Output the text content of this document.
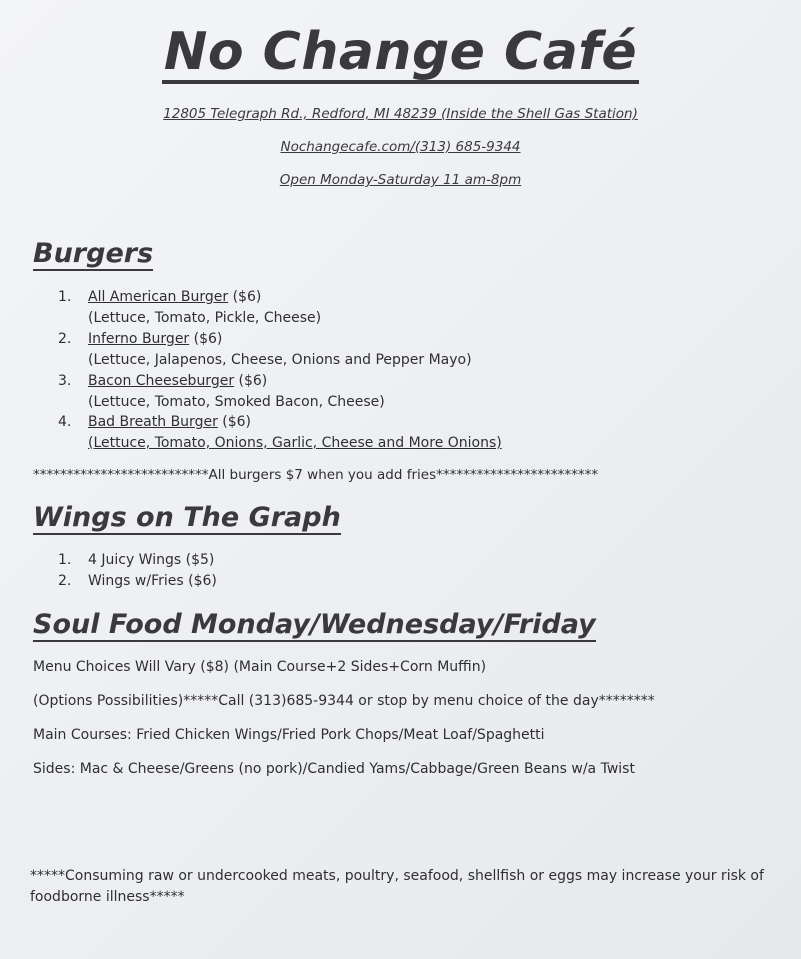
No Change Café
12805 Telegraph Rd., Redford, MI 48239 (Inside the Shell Gas Station)
Nochangecafe.com/(313) 685-9344
Open Monday-Saturday 11 am-8pm
Burgers
1. All American Burger ($6)
(Lettuce, Tomato, Pickle, Cheese)
2. Inferno Burger ($6)
(Lettuce, Jalapenos, Cheese, Onions and Pepper Mayo)
3. Bacon Cheeseburger ($6)
(Lettuce, Tomato, Smoked Bacon, Cheese)
4. Bad Breath Burger ($6)
(Lettuce, Tomato, Onions, Garlic, Cheese and More Onions)
**************************All burgers $7 when you add fries************************
Wings on The Graph
1. 4 Juicy Wings ($5)
2. Wings w/Fries ($6)
Soul Food Monday/Wednesday/Friday
Menu Choices Will Vary ($8) (Main Course+2 Sides+Corn Muffin)
(Options Possibilities)*****Call (313)685-9344 or stop by menu choice of the day********
Main Courses: Fried Chicken Wings/Fried Pork Chops/Meat Loaf/Spaghetti
Sides: Mac & Cheese/Greens (no pork)/Candied Yams/Cabbage/Green Beans w/a Twist
*****Consuming raw or undercooked meats, poultry, seafood, shellfish or eggs may increase your risk of foodborne illness*****
